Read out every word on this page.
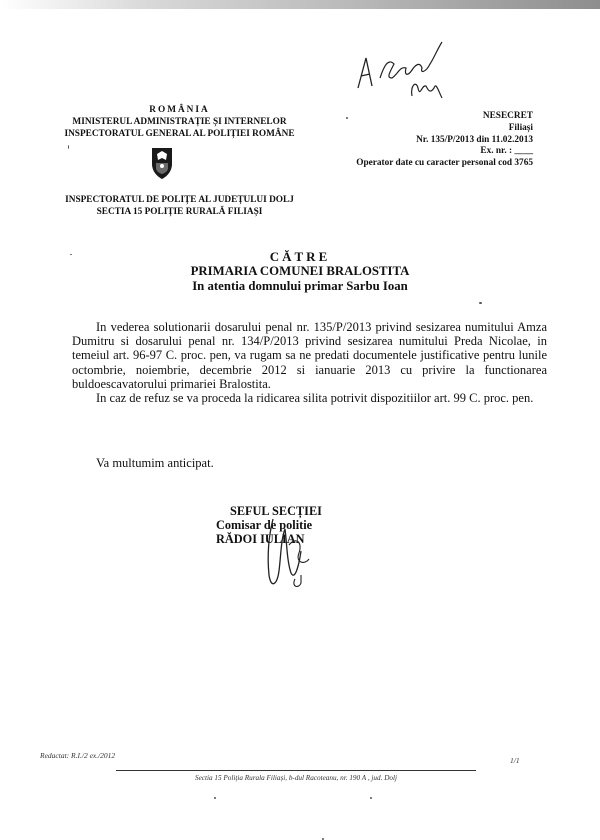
ROMÂNIA
MINISTERUL ADMINISTRAȚIE ȘI INTERNELOR
INSPECTORATUL GENERAL AL POLIȚIEI ROMÂNE
NESECRET
Filiași
Nr. 135/P/2013 din 11.02.2013
Ex. nr. : ____
Operator date cu caracter personal cod 3765
INSPECTORATUL DE POLIȚE AL JUDEȚULUI DOLJ
SECTIA 15 POLIȚIE RURALĂ FILIAȘI
CĂTRE
PRIMARIA COMUNEI BRALOSTITA
In atentia domnului primar Sarbu Ioan

In vederea solutionarii dosarului penal nr. 135/P/2013 privind sesizarea numitului Amza Dumitru si dosarului penal nr. 134/P/2013 privind sesizarea numitului Preda Nicolae, in temeiul art. 96-97 C. proc. pen, va rugam sa ne predati documentele justificative pentru lunile octombrie, noiembrie, decembrie 2012 si ianuarie 2013 cu privire la functionarea buldoescavatorului primariei Bralostita.

In caz de refuz se va proceda la ridicarea silita potrivit dispozitiilor art. 99 C. proc. pen.

Va multumim anticipat.
SEFUL SECȚIEI
Comisar de politie
RĂDOI IULIAN
Redactat: R.I./2 ex./2012
1/1
Sectia 15 Poliția Rurala Filiași, b-dul Racoteanu, nr. 190 A , jud. Dolj
